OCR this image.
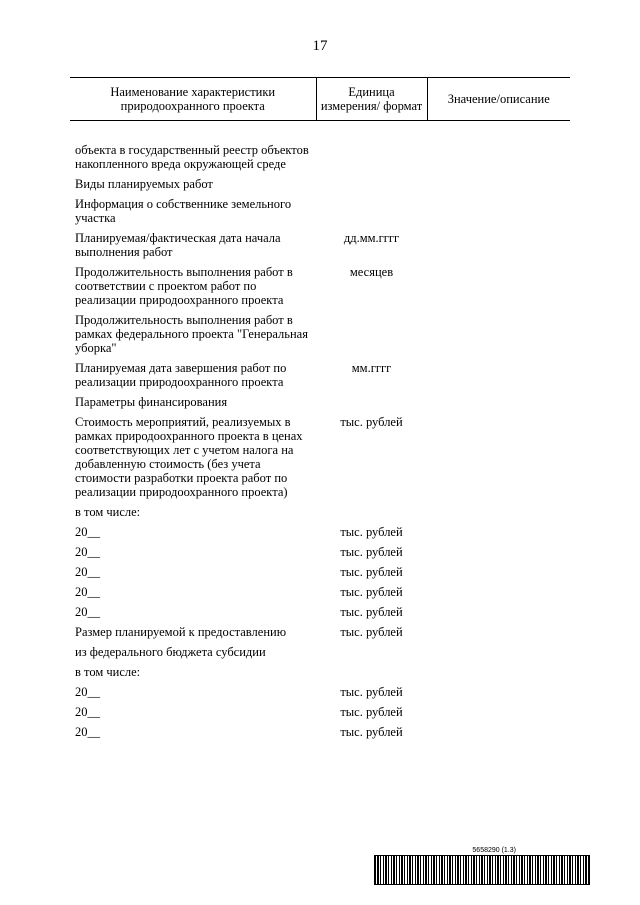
17
Наименование характеристики природоохранного проекта	Единица измерения/ формат	Значение/описание

объекта в государственный реестр объектов накопленного вреда окружающей среде		
Виды планируемых работ		
Информация о собственнике земельного участка		
Планируемая/фактическая дата начала выполнения работ	дд.мм.гггг	
Продолжительность выполнения работ в соответствии с проектом работ по реализации природоохранного проекта	месяцев	
Продолжительность выполнения работ в рамках федерального проекта "Генеральная уборка"		
Планируемая дата завершения работ по реализации природоохранного проекта	мм.гггг	
Параметры финансирования		
Стоимость мероприятий, реализуемых в рамках природоохранного проекта в ценах соответствующих лет с учетом налога на добавленную стоимость (без учета стоимости разработки проекта работ по реализации природоохранного проекта)	тыс. рублей	
в том числе:		
20__	тыс. рублей	
20__	тыс. рублей	
20__	тыс. рублей	
20__	тыс. рублей	
20__	тыс. рублей	
Размер планируемой к предоставлению	тыс. рублей	
из федерального бюджета субсидии		
в том числе:		
20__	тыс. рублей	
20__	тыс. рублей	
20__	тыс. рублей	
5658290 (1.3)
